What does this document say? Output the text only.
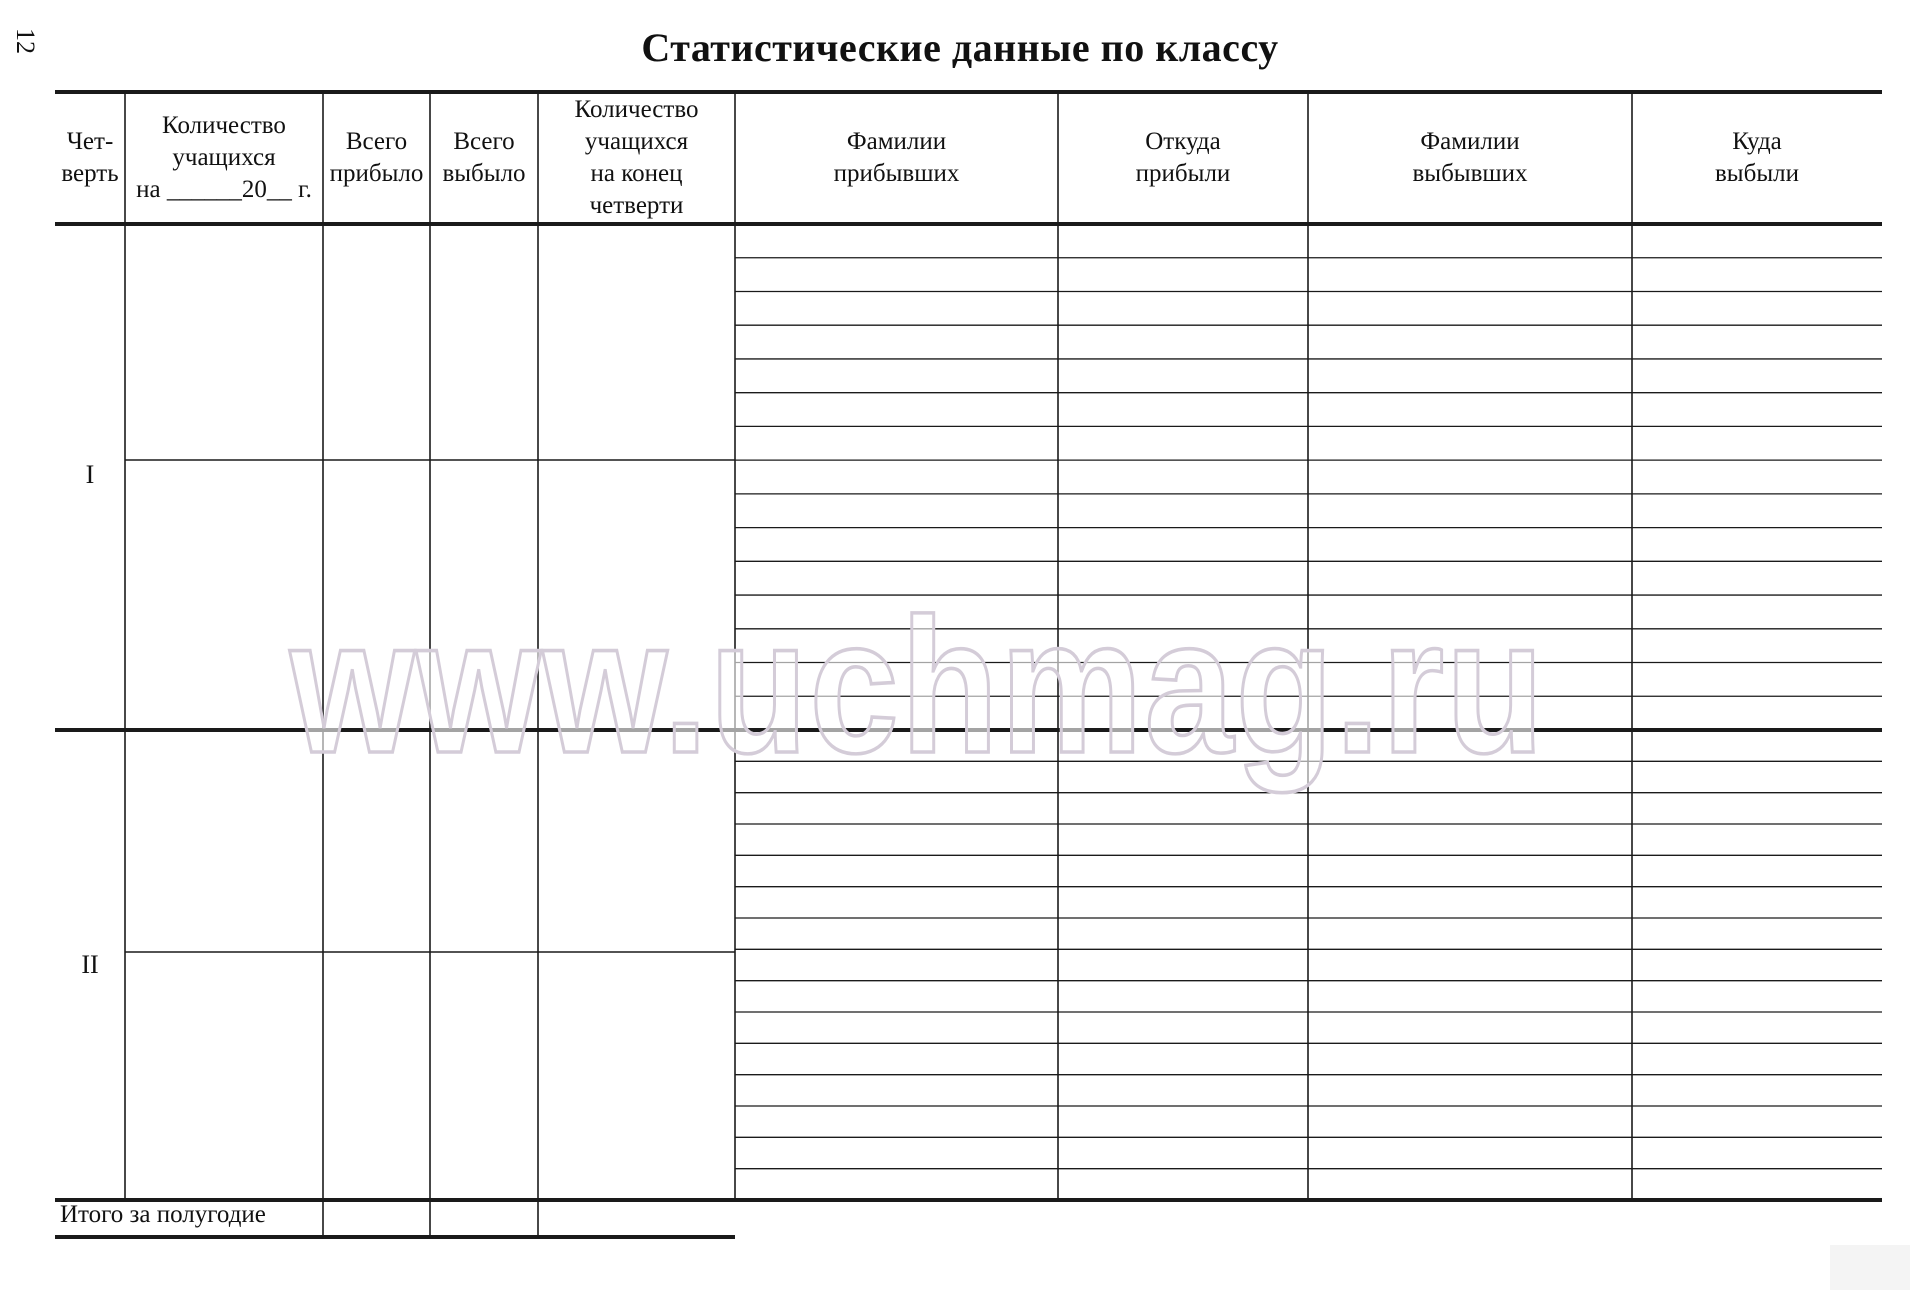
12	Статистические данные по классу
Чет-
верть
Количество
учащихся
на ______20__ г.
Всего
прибыло
Всего
выбыло
Количество
учащихся
на конец
четверти
Фамилии
прибывших
Откуда
прибыли
Фамилии
выбывших
Куда
выбыли
I
II
Итого за полугодие
www.uchmag.ru
